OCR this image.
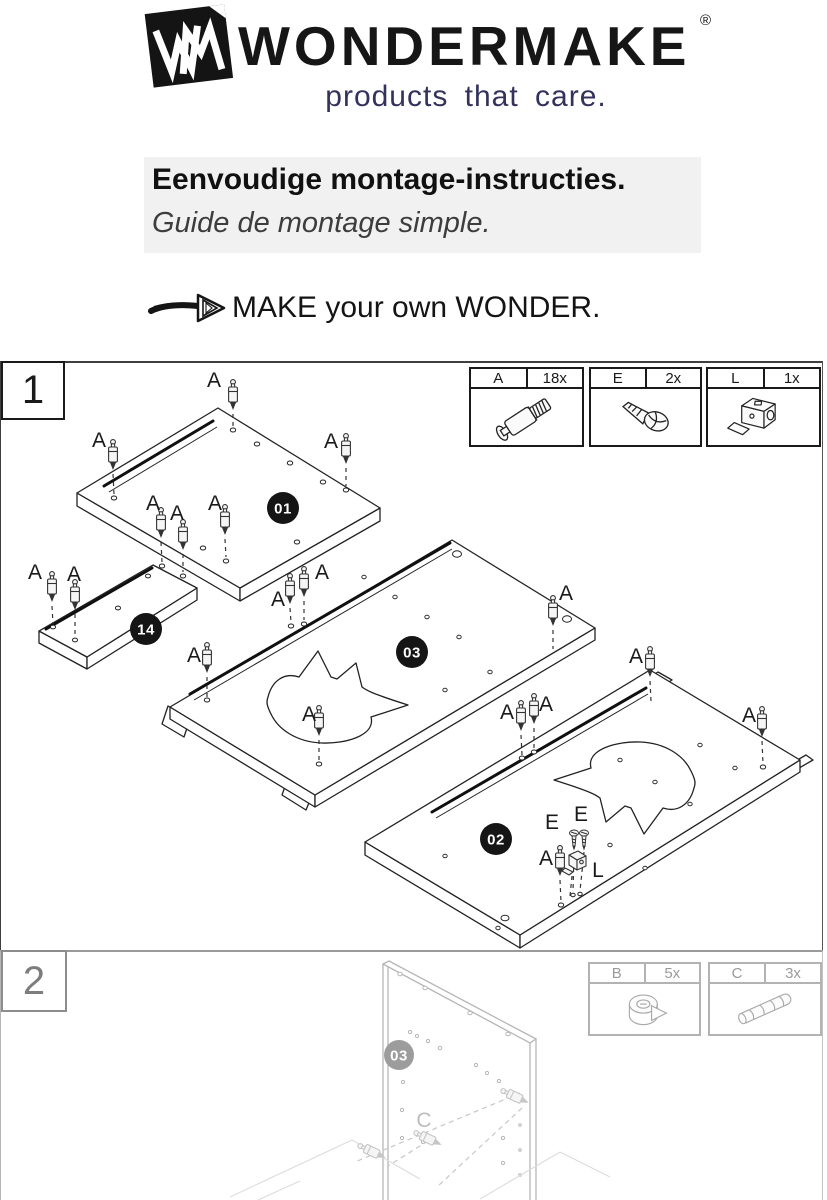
WONDERMAKE ®
products that care.
Eenvoudige montage-instructies.
Guide de montage simple.
MAKE your own WONDER.
1
2
A	18x	E	2x	L	1x
B	5x	C	3x
A
A
A A A
A
A A
A
A
A
A
A
A
A A	A
A
E E
L
01
14
03
02
C
03
